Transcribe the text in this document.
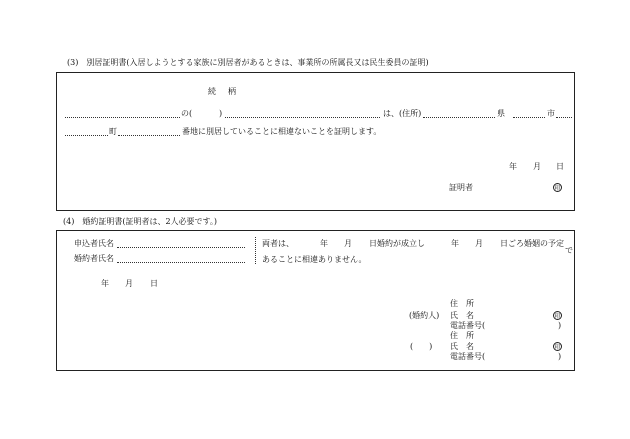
(3)　別居証明書(入居しようとする家族に別居者があるときは、事業所の所属長又は民生委員の証明)
続　柄
の(	)	は、(住所)	県	市
町	番地に別居していることに相違ないことを証明します。
年 月 日
証明者	印
(4)　婚約証明書(証明者は、2人必要です。)
申込者氏名
婚約者氏名
両者は、	年 月 日婚約が成立し	年 月 日ごろ婚姻の予定
で
あることに相違ありません。
年 月 日
住　所
(婚約人) 氏　名	印
電話番号(	)
住　所
(　　) 氏　名	印
電話番号(	)
